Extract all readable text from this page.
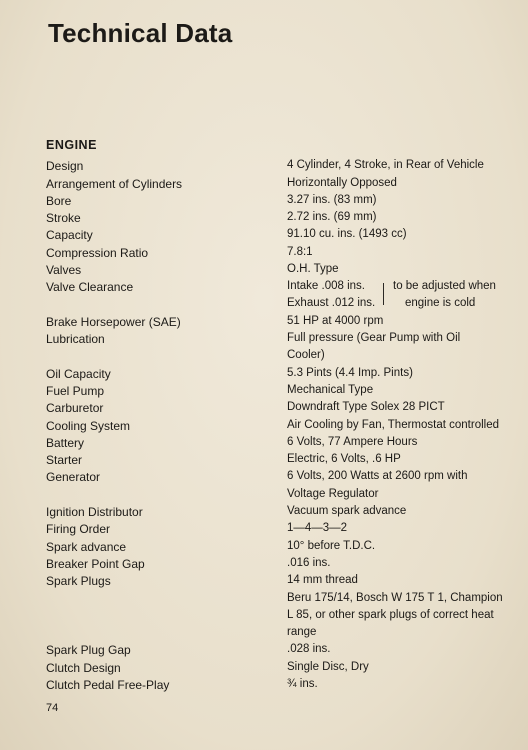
Technical Data
ENGINE
Design
Arrangement of Cylinders
Bore
Stroke
Capacity
Compression Ratio
Valves
Valve Clearance
Brake Horsepower (SAE)
Lubrication
Oil Capacity
Fuel Pump
Carburetor
Cooling System
Battery
Starter
Generator
Ignition Distributor
Firing Order
Spark advance
Breaker Point Gap
Spark Plugs
Spark Plug Gap
Clutch Design
Clutch Pedal Free-Play
4 Cylinder, 4 Stroke, in Rear of Vehicle
Horizontally Opposed
3.27 ins. (83 mm)
2.72 ins. (69 mm)
91.10 cu. ins. (1493 cc)
7.8:1
O.H. Type
Intake .008 ins.
Exhaust .012 ins.
to be adjusted when
engine is cold
51 HP at 4000 rpm
Full pressure (Gear Pump with Oil
Cooler)
5.3 Pints (4.4 Imp. Pints)
Mechanical Type
Downdraft Type Solex 28 PICT
Air Cooling by Fan, Thermostat controlled
6 Volts, 77 Ampere Hours
Electric, 6 Volts, .6 HP
6 Volts, 200 Watts at 2600 rpm with
Voltage Regulator
Vacuum spark advance
1—4—3—2
10° before T.D.C.
.016 ins.
14 mm thread
Beru 175/14, Bosch W 175 T 1, Champion
L 85, or other spark plugs of correct heat
range
.028 ins.
Single Disc, Dry
¾ ins.
74
